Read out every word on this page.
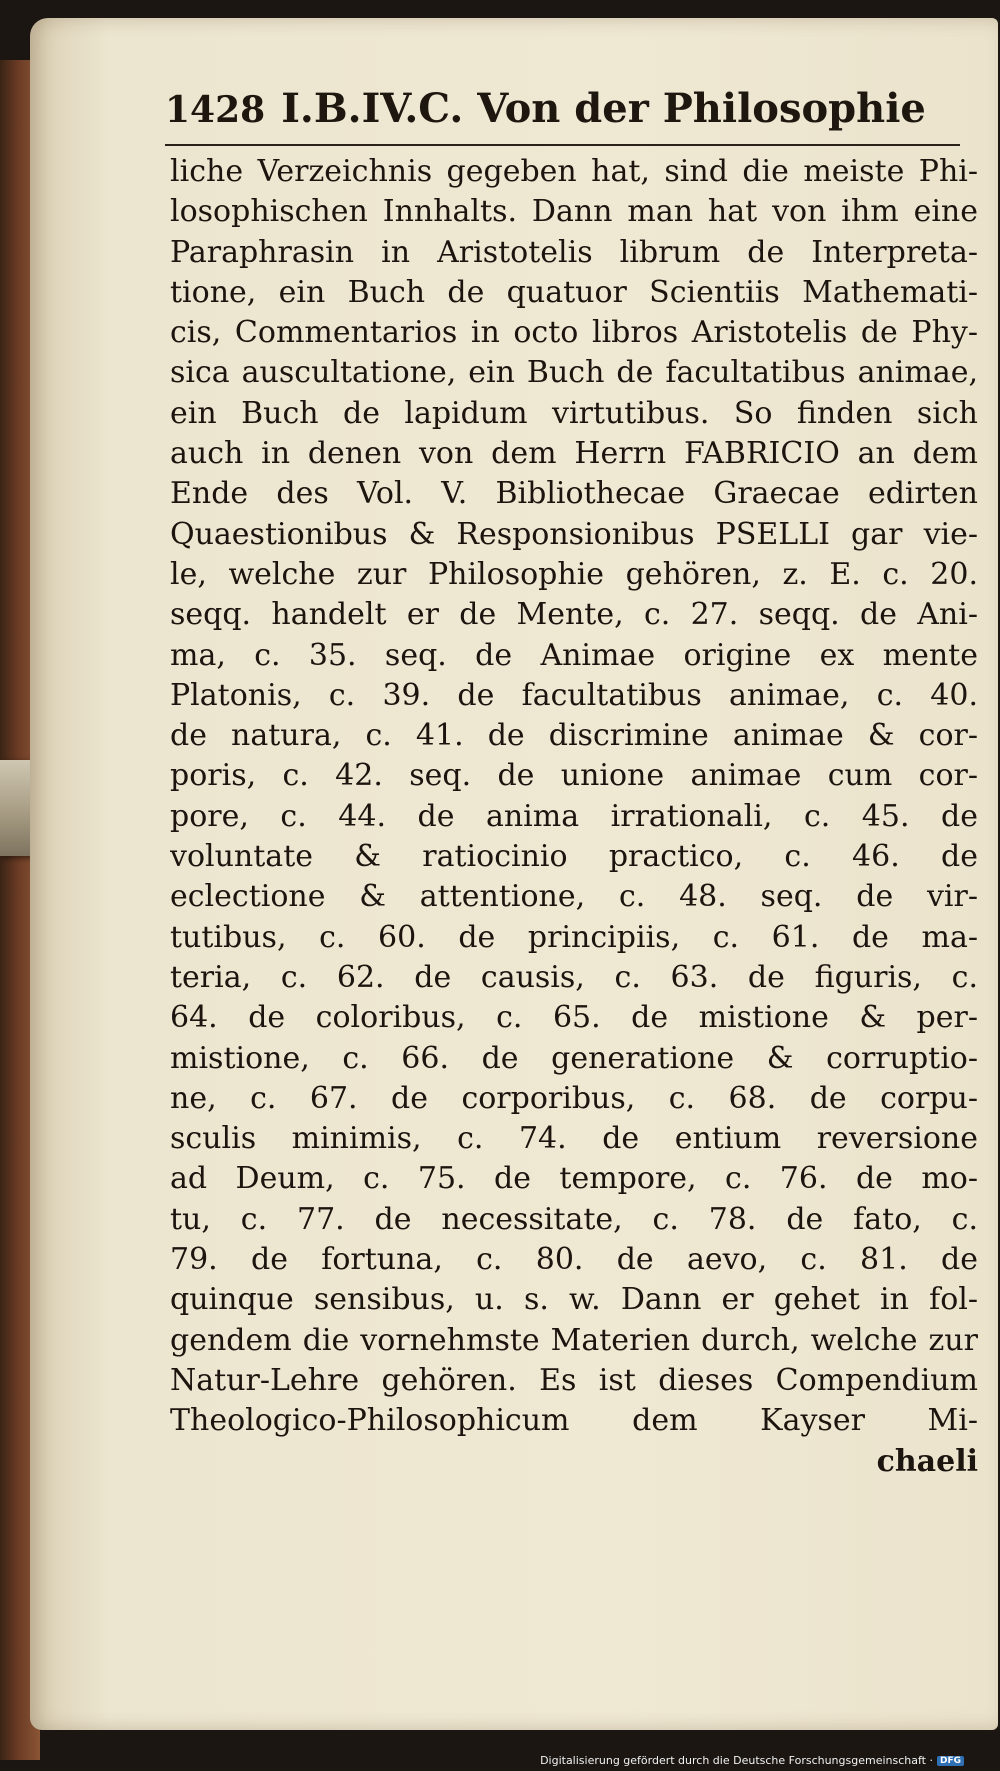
1428 I.B.IV.C. Von der Philosophie
liche Verzeichnis gegeben hat, sind die meiste Phi-
losophischen Innhalts. Dann man hat von ihm eine
Paraphrasin in Aristotelis librum de Interpreta-
tione, ein Buch de quatuor Scientiis Mathemati-
cis, Commentarios in octo libros Aristotelis de Phy-
sica auscultatione, ein Buch de facultatibus animae,
ein Buch de lapidum virtutibus. So finden sich
auch in denen von dem Herrn FABRICIO an dem
Ende des Vol. V. Bibliothecae Graecae edirten
Quaestionibus & Responsionibus PSELLI gar vie-
le, welche zur Philosophie gehören, z. E. c. 20.
seqq. handelt er de Mente, c. 27. seqq. de Ani-
ma, c. 35. seq. de Animae origine ex mente
Platonis, c. 39. de facultatibus animae, c. 40.
de natura, c. 41. de discrimine animae & cor-
poris, c. 42. seq. de unione animae cum cor-
pore, c. 44. de anima irrationali, c. 45. de
voluntate & ratiocinio practico, c. 46. de
eclectione & attentione, c. 48. seq. de vir-
tutibus, c. 60. de principiis, c. 61. de ma-
teria, c. 62. de causis, c. 63. de figuris, c.
64. de coloribus, c. 65. de mistione & per-
mistione, c. 66. de generatione & corruptio-
ne, c. 67. de corporibus, c. 68. de corpu-
sculis minimis, c. 74. de entium reversione
ad Deum, c. 75. de tempore, c. 76. de mo-
tu, c. 77. de necessitate, c. 78. de fato, c.
79. de fortuna, c. 80. de aevo, c. 81. de
quinque sensibus, u. s. w. Dann er gehet in fol-
gendem die vornehmste Materien durch, welche zur
Natur-Lehre gehören. Es ist dieses Compendium
Theologico-Philosophicum dem Kayser Mi-
chaeli
Digitalisierung gefördert durch die Deutsche Forschungsgemeinschaft · DFG
